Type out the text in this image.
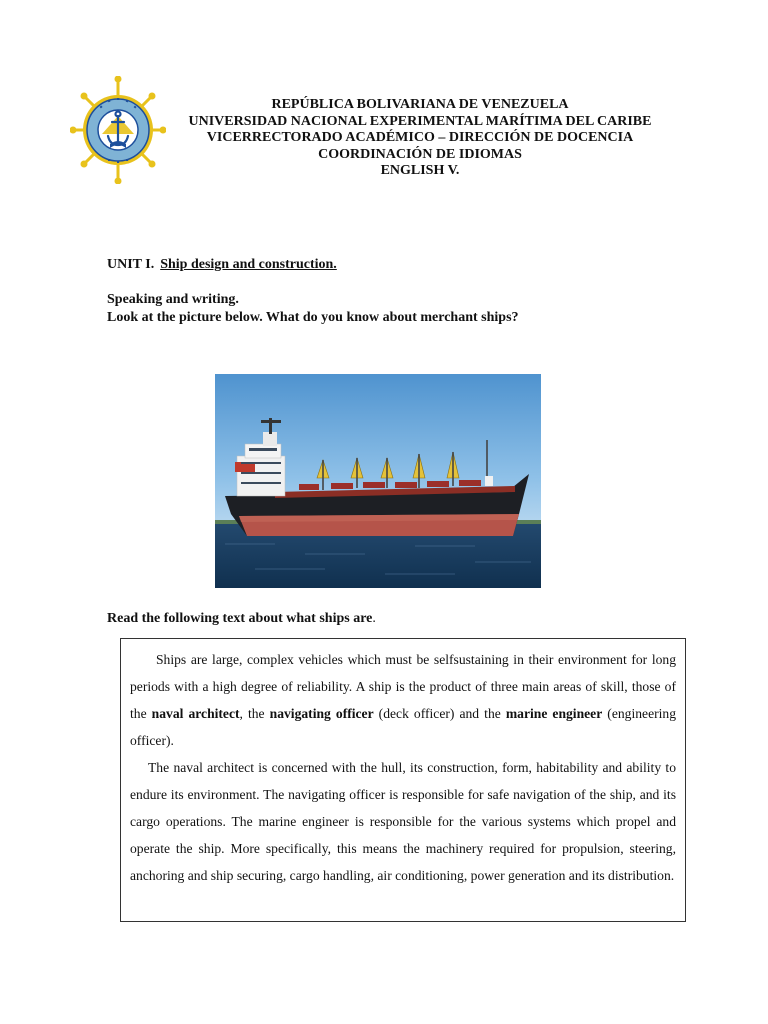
REPÚBLICA BOLIVARIANA DE VENEZUELA
UNIVERSIDAD NACIONAL EXPERIMENTAL MARÍTIMA DEL CARIBE
VICERRECTORADO ACADÉMICO – DIRECCIÓN DE DOCENCIA
COORDINACIÓN DE IDIOMAS
ENGLISH V.
UNIT I. Ship design and construction.
Speaking and writing.
Look at the picture below. What do you know about merchant ships?
Read the following text about what ships are.

Ships are large, complex vehicles which must be selfsustaining in their environment for long periods with a high degree of reliability. A ship is the product of three main areas of skill, those of the naval architect, the navigating officer (deck officer) and the marine engineer (engineering officer).

The naval architect is concerned with the hull, its construction, form, habitability and ability to endure its environment. The navigating officer is responsible for safe navigation of the ship, and its cargo operations. The marine engineer is responsible for the various systems which propel and operate the ship. More specifically, this means the machinery required for propulsion, steering, anchoring and ship securing, cargo handling, air conditioning, power generation and its distribution.
